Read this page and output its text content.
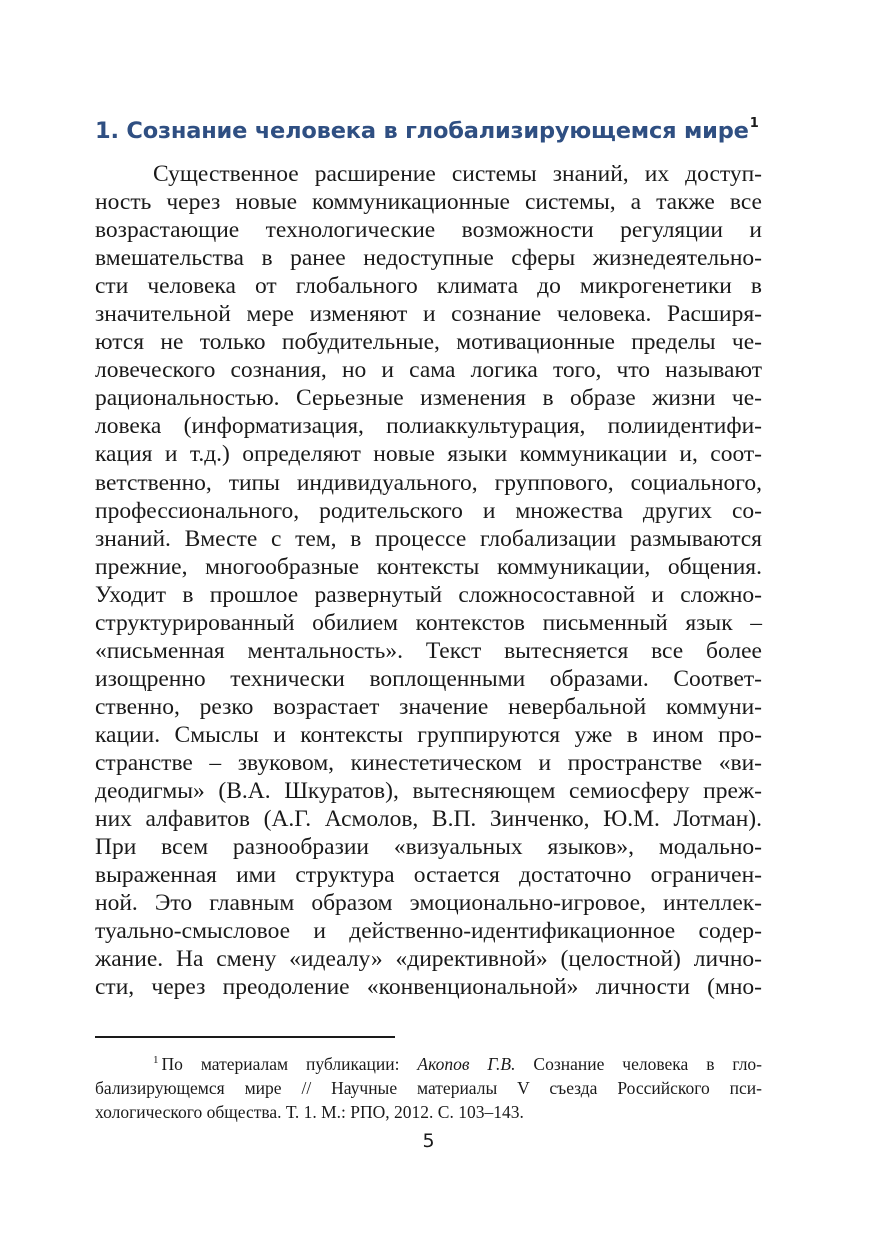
1. Сознание человека в глобализирующемся мире$^1$
Существенное расширение системы знаний, их доступ-
ность через новые коммуникационные системы, а также все
возрастающие технологические возможности регуляции и
вмешательства в ранее недоступные сферы жизнедеятельно-
сти человека от глобального климата до микрогенетики в
значительной мере изменяют и сознание человека. Расширя-
ются не только побудительные, мотивационные пределы че-
ловеческого сознания, но и сама логика того, что называют
рациональностью. Серьезные изменения в образе жизни че-
ловека (информатизация, полиаккультурация, полиидентифи-
кация и т.д.) определяют новые языки коммуникации и, соот-
ветственно, типы индивидуального, группового, социального,
профессионального, родительского и множества других со-
знаний. Вместе с тем, в процессе глобализации размываются
прежние, многообразные контексты коммуникации, общения.
Уходит в прошлое развернутый сложносоставной и сложно-
структурированный обилием контекстов письменный язык –
«письменная ментальность». Текст вытесняется все более
изощренно технически воплощенными образами. Соответ-
ственно, резко возрастает значение невербальной коммуни-
кации. Смыслы и контексты группируются уже в ином про-
странстве – звуковом, кинестетическом и пространстве «ви-
деодигмы» (В.А. Шкуратов), вытесняющем семиосферу преж-
них алфавитов (А.Г. Асмолов, В.П. Зинченко, Ю.М. Лотман).
При всем разнообразии «визуальных языков», модально-
выраженная ими структура остается достаточно ограничен-
ной. Это главным образом эмоционально-игровое, интеллек-
туально-смысловое и действенно-идентификационное содер-
жание. На смену «идеалу» «директивной» (целостной) лично-
сти, через преодоление «конвенциональной» личности (мно-
$^1$ По материалам публикации: Акопов Г.В. Сознание человека в гло-
бализирующемся мире // Научные материалы V съезда Российского пси-
хологического общества. Т. 1. М.: РПО, 2012. С. 103–143.
5
